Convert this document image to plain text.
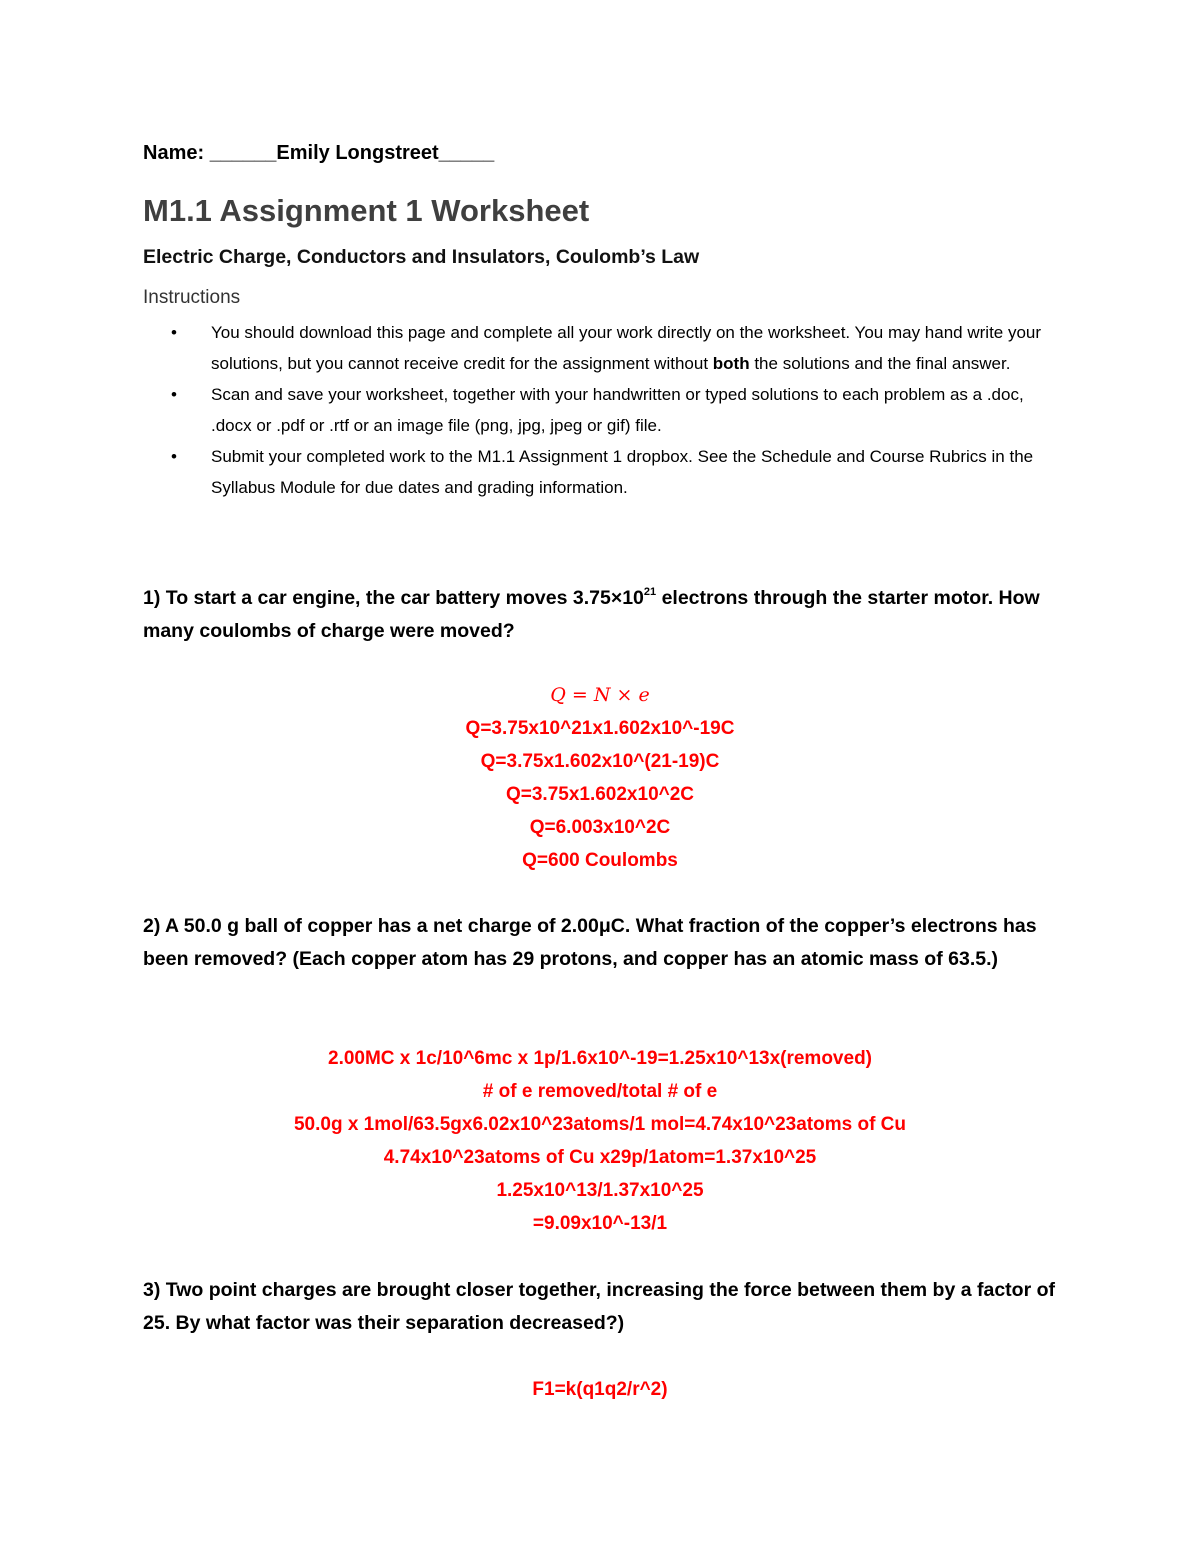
Name: ______Emily Longstreet_____
M1.1 Assignment 1 Worksheet
Electric Charge, Conductors and Insulators, Coulomb’s Law
Instructions
• You should download this page and complete all your work directly on the worksheet. You may hand write your solutions, but you cannot receive credit for the assignment without both the solutions and the final answer.
• Scan and save your worksheet, together with your handwritten or typed solutions to each problem as a .doc, .docx or .pdf or .rtf or an image file (png, jpg, jpeg or gif) file.
• Submit your completed work to the M1.1 Assignment 1 dropbox. See the Schedule and Course Rubrics in the Syllabus Module for due dates and grading information.
1) To start a car engine, the car battery moves $3.75\times 10^{21}$ electrons through the starter motor. How many coulombs of charge were moved?
𝑄 = 𝑁 × 𝑒
Q=3.75x10^21x1.602x10^-19C
Q=3.75x1.602x10^(21-19)C
Q=3.75x1.602x10^2C
Q=6.003x10^2C
Q=600 Coulombs
2) A 50.0 g ball of copper has a net charge of 2.00μC. What fraction of the copper’s electrons has been removed? (Each copper atom has 29 protons, and copper has an atomic mass of 63.5.)
2.00MC x 1c/10^6mc x 1p/1.6x10^-19=1.25x10^13x(removed)
# of e removed/total # of e
50.0g x 1mol/63.5gx6.02x10^23atoms/1 mol=4.74x10^23atoms of Cu
4.74x10^23atoms of Cu x29p/1atom=1.37x10^25
1.25x10^13/1.37x10^25
=9.09x10^-13/1
3) Two point charges are brought closer together, increasing the force between them by a factor of 25. By what factor was their separation decreased?)
F1=k(q1q2/r^2)
